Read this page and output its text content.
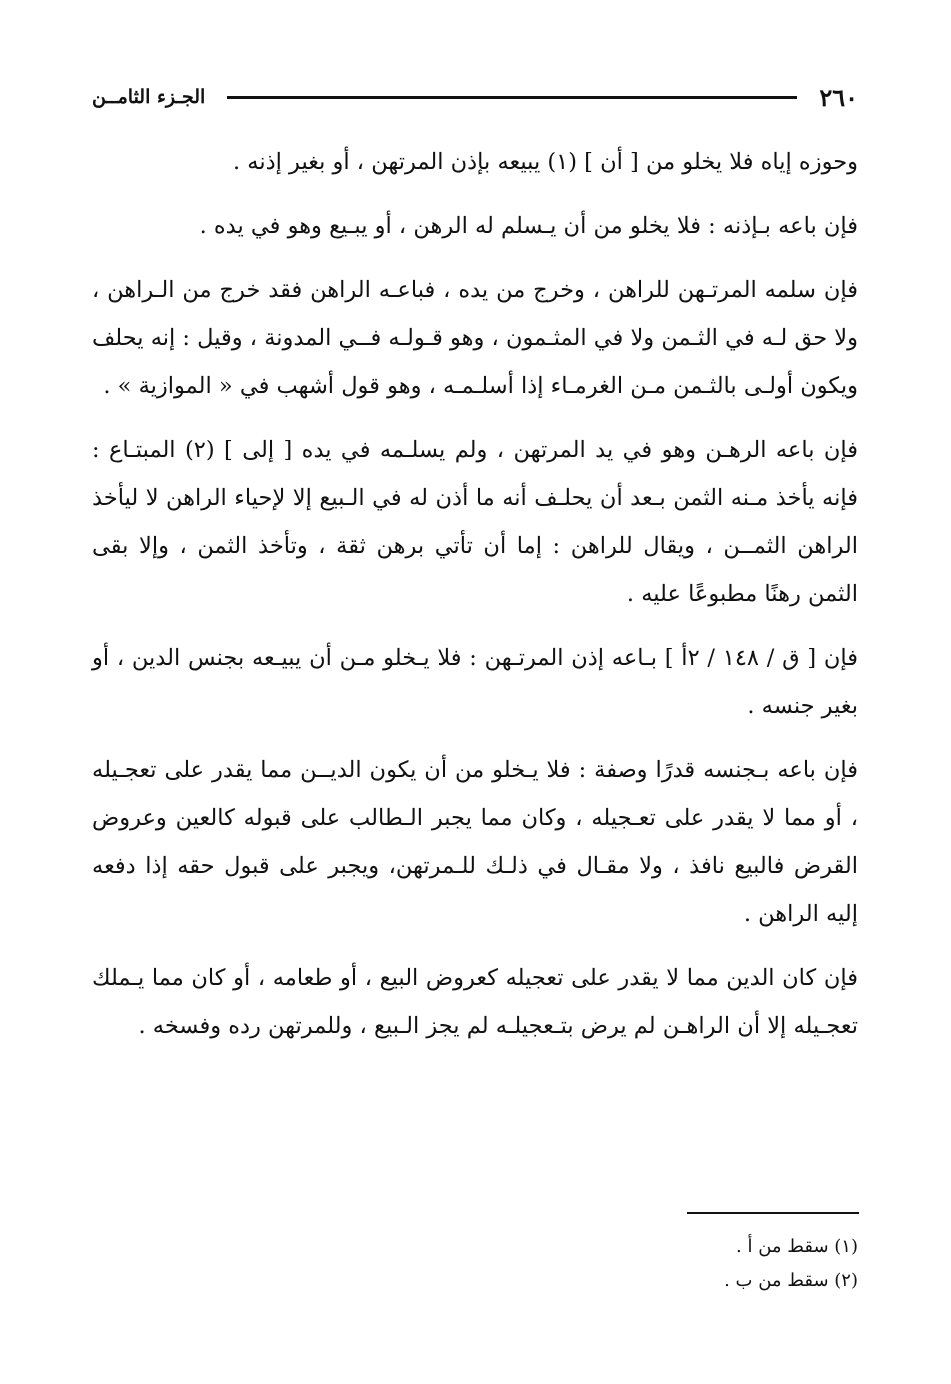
٢٦٠
الجـزء الثامــن

وحوزه إياه فلا يخلو من [ أن ] (١) يبيعه بإذن المرتهن ، أو بغير إذنه .

فإن باعه بـإذنه : فلا يخلو من أن يـسلم له الرهن ، أو يبـيع وهو في يده .

فإن سلمه المرتـهن للراهن ، وخرج من يده ، فباعـه الراهن فقد خرج من الـراهن ، ولا حق لـه في الثـمن ولا في المثـمون ، وهو قـولـه فــي المدونة ، وقيل : إنه يحلف ويكون أولـى بالثـمن مـن الغرمـاء إذا أسلـمـه ، وهو قول أشهب في « الموازية » .

فإن باعه الرهـن وهو في يد المرتهن ، ولم يسلـمه في يده [ إلى ] (٢) المبتـاع : فإنه يأخذ مـنه الثمن بـعد أن يحلـف أنه ما أذن له في الـبيع إلا لإحياء الراهن لا ليأخذ الراهن الثمــن ، ويقال للراهن : إما أن تأتي برهن ثقة ، وتأخذ الثمن ، وإلا بقى الثمن رهنًا مطبوعًا عليه .

فإن [ ق / ١٤٨ / ٢أ ] بـاعه إذن المرتـهن : فلا يـخلو مـن أن يبيـعه بجنس الدين ، أو بغير جنسه .

فإن باعه بـجنسه قدرًا وصفة : فلا يـخلو من أن يكون الديــن مما يقدر على تعجـيله ، أو مما لا يقدر على تعـجيله ، وكان مما يجبر الـطالب على قبوله كالعين وعروض القرض فالبيع نافذ ، ولا مقـال في ذلـك للـمرتهن، ويجبر على قبول حقه إذا دفعه إليه الراهن .

فإن كان الدين مما لا يقدر على تعجيله كعروض البيع ، أو طعامه ، أو كان مما يـملك تعجـيله إلا أن الراهـن لم يرض بتـعجيلـه لم يجز الـبيع ، وللمرتهن رده وفسخه .

(١) سقط من أ .
(٢) سقط من ب .
